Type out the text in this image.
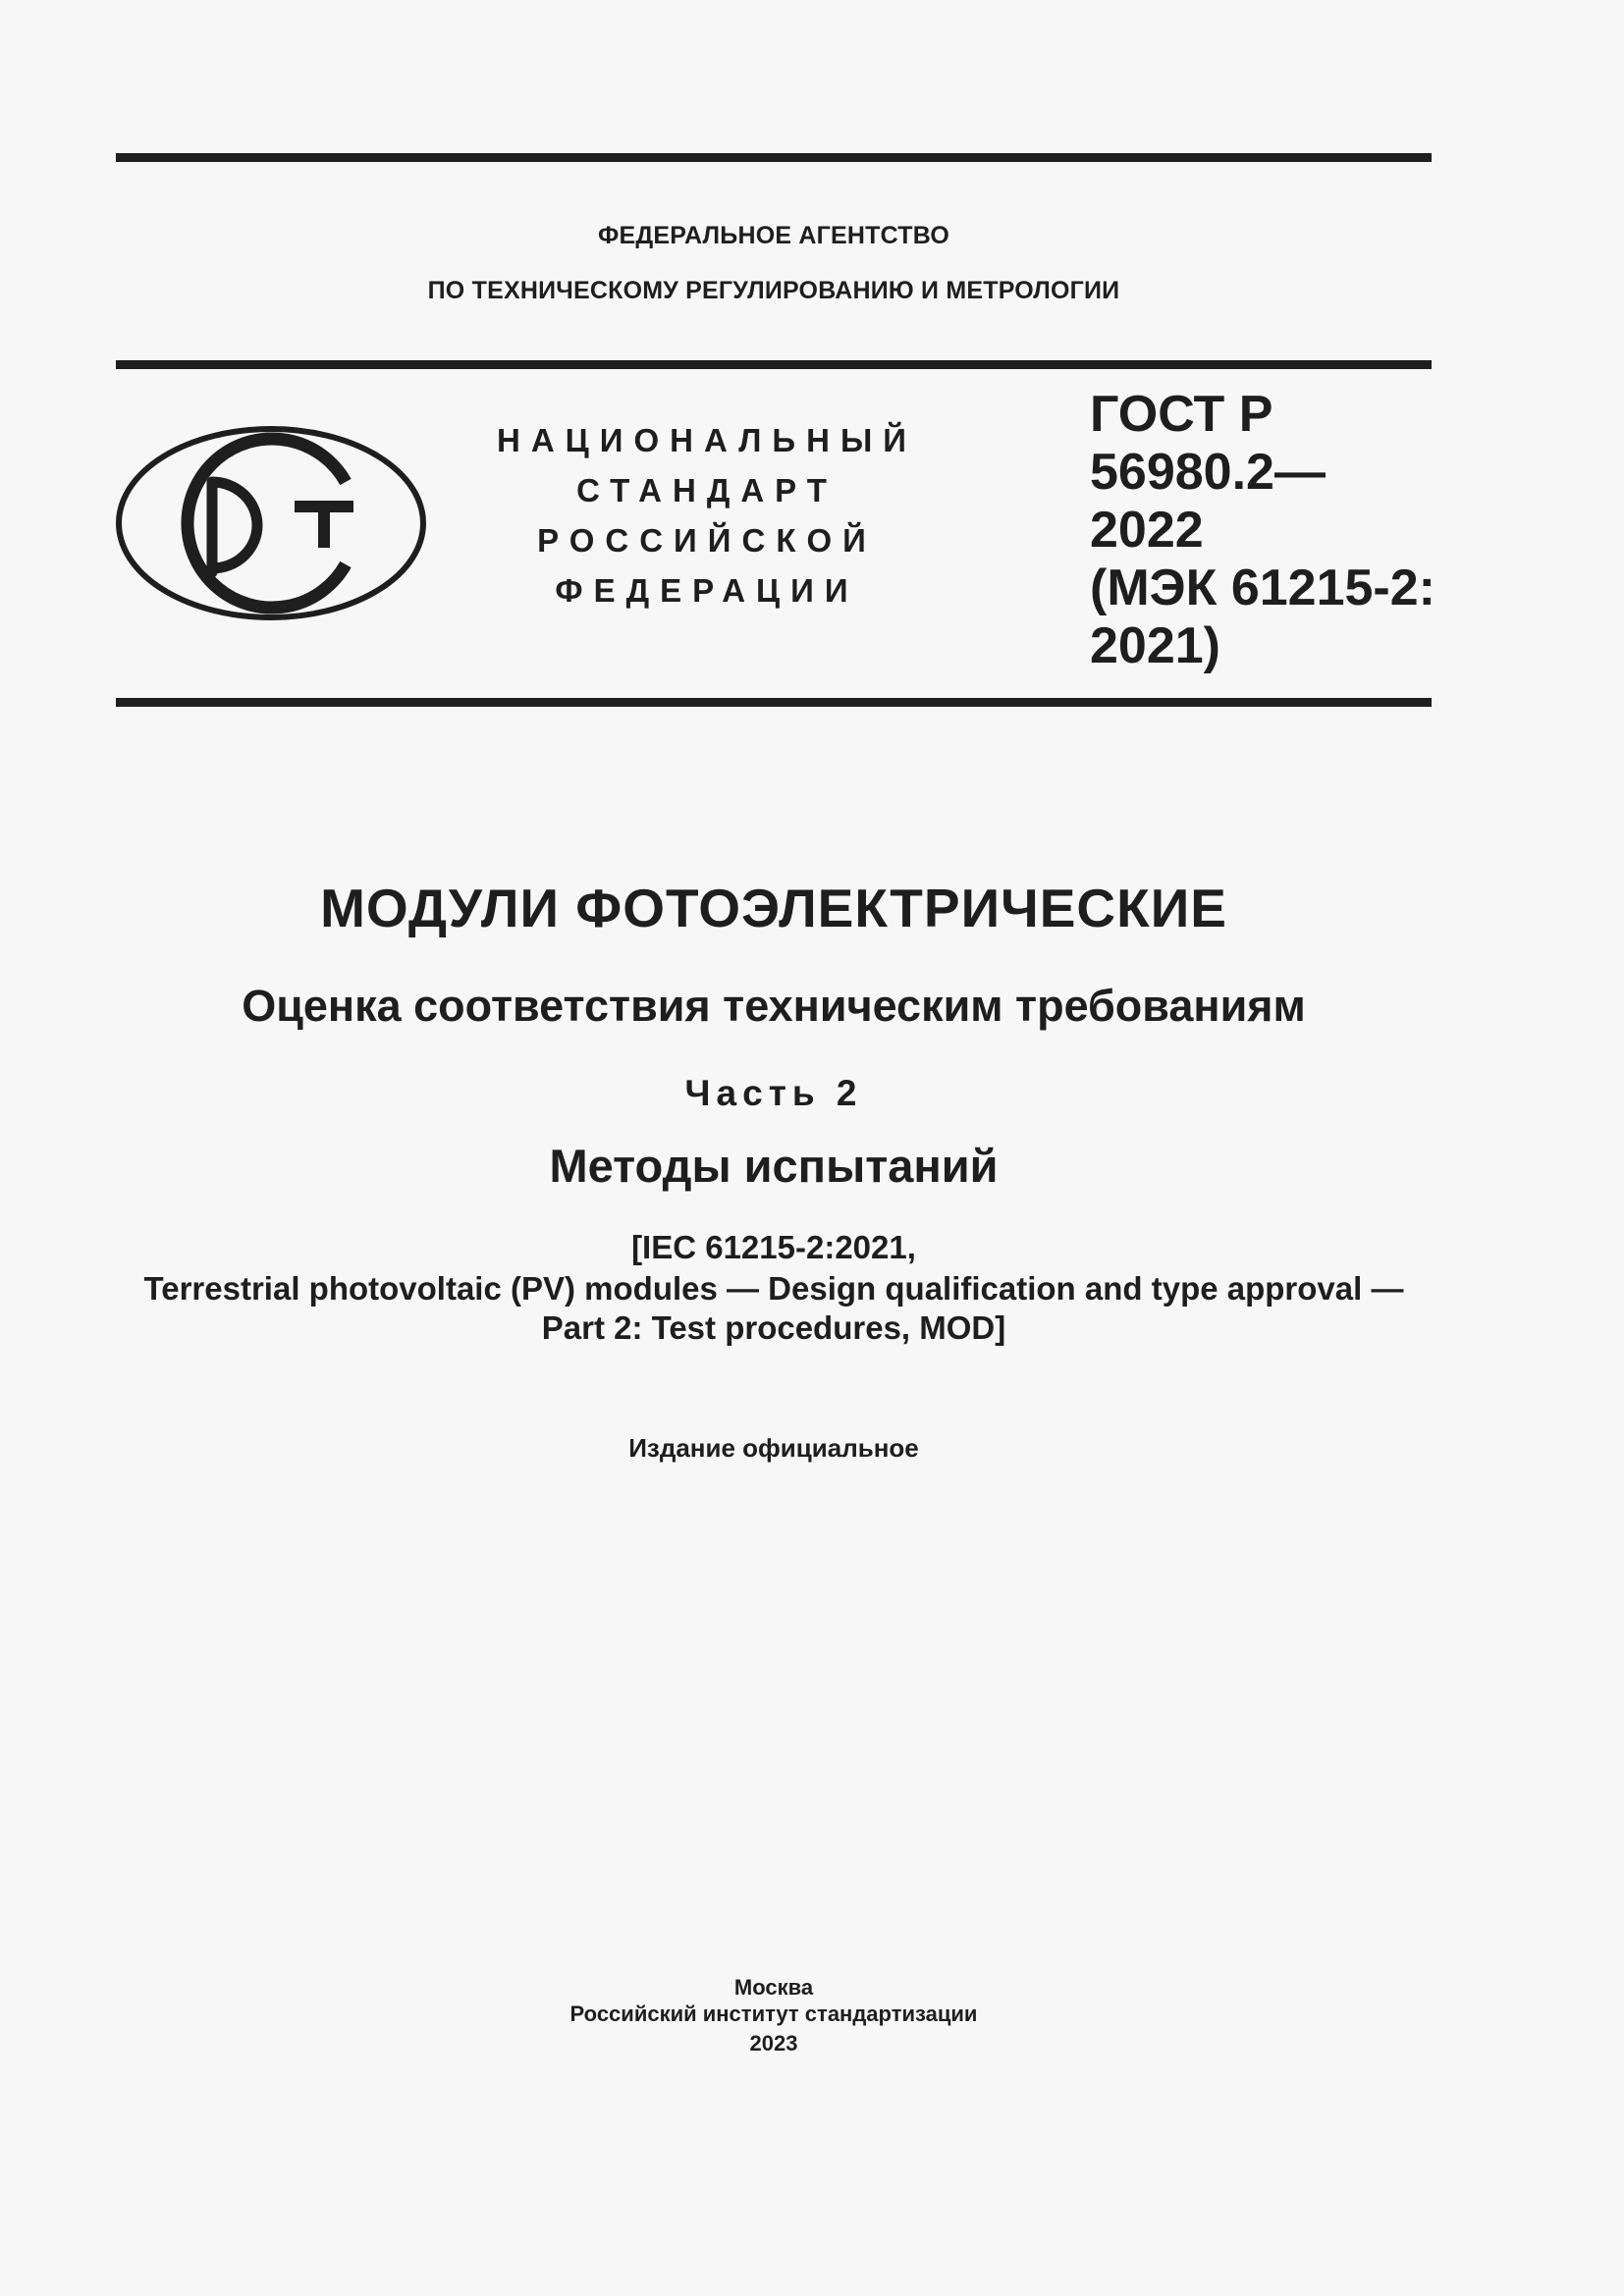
ФЕДЕРАЛЬНОЕ АГЕНТСТВО
ПО ТЕХНИЧЕСКОМУ РЕГУЛИРОВАНИЮ И МЕТРОЛОГИИ
НАЦИОНАЛЬНЫЙ
СТАНДАРТ
РОССИЙСКОЙ
ФЕДЕРАЦИИ
ГОСТ Р
56980.2—
2022
(МЭК 61215-2:
2021)
МОДУЛИ ФОТОЭЛЕКТРИЧЕСКИЕ
Оценка соответствия техническим требованиям
Часть 2
Методы испытаний
[IEC 61215-2:2021,
Terrestrial photovoltaic (PV) modules — Design qualification and type approval —
Part 2: Test procedures, MOD]
Издание официальное
Москва
Российский институт стандартизации
2023
